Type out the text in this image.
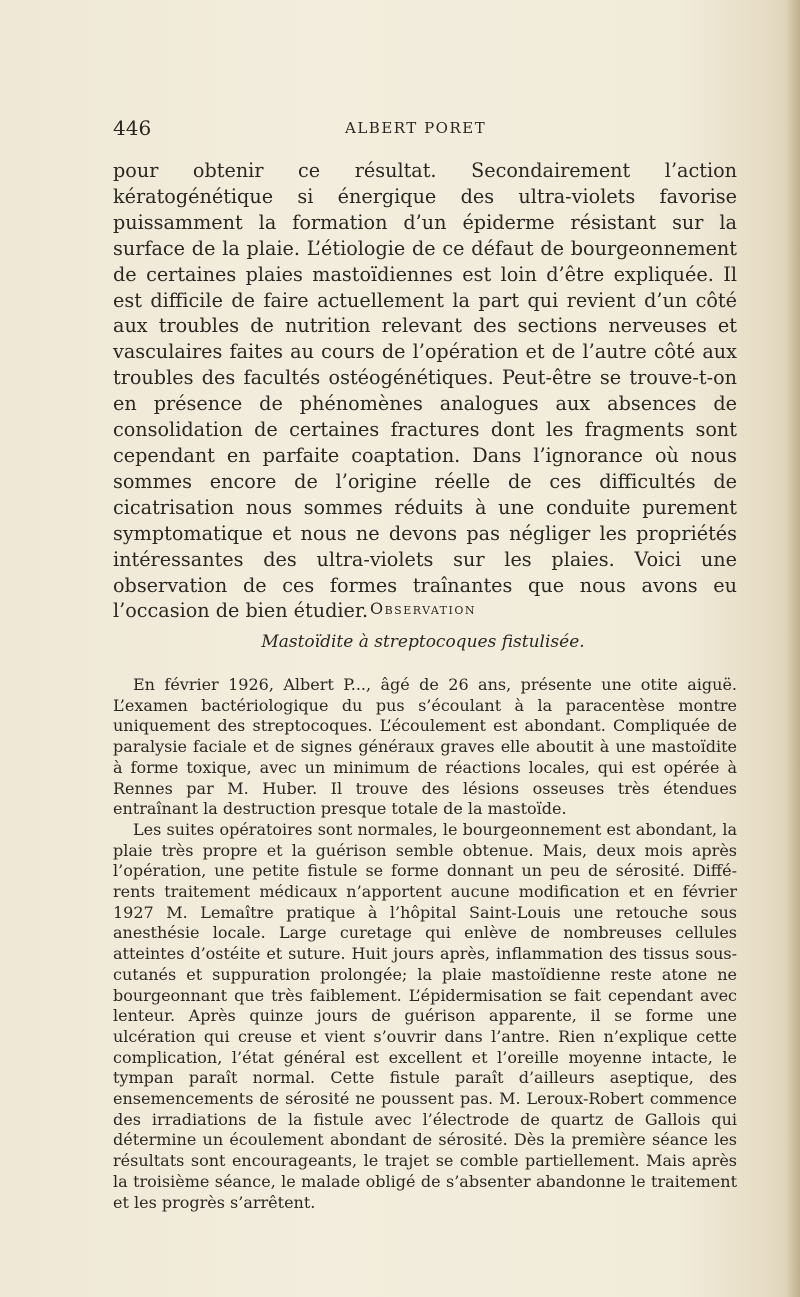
446	ALBERT PORET

pour obtenir ce résultat. Secondairement l’action kératogénétique si énergique des ultra-violets favorise puissamment la formation d’un épiderme résistant sur la surface de la plaie. L’étiologie de ce défaut de bourgeonnement de certaines plaies mastoïdiennes est loin d’être expliquée. Il est difficile de faire actuellement la part qui revient d’un côté aux troubles de nutrition relevant des sections nerveuses et vasculaires faites au cours de l’opération et de l’autre côté aux troubles des facultés ostéogénétiques. Peut-être se trouve-t-on en présence de phénomènes analogues aux absences de consolidation de certaines fractures dont les fragments sont cependant en parfaite coaptation. Dans l’ignorance où nous sommes encore de l’origine réelle de ces difficultés de cicatrisation nous sommes réduits à une conduite purement symptomatique et nous ne devons pas négliger les propriétés intéressantes des ultra-violets sur les plaies. Voici une observation de ces formes traînantes que nous avons eu l’occasion de bien étudier. Observation
Mastoïdite à streptocoques fistulisée.

En février 1926, Albert P..., âgé de 26 ans, présente une otite aiguë. L’examen bactériologique du pus s’écoulant à la paracentèse montre uniquement des streptocoques. L’écoulement est abondant. Compliquée de paralysie faciale et de signes généraux graves elle aboutit à une mastoïdite à forme toxique, avec un minimum de réactions locales, qui est opérée à Rennes par M. Huber. Il trouve des lésions osseuses très étendues entraînant la destruction presque totale de la mastoïde.

Les suites opératoires sont normales, le bourgeonnement est abondant, la plaie très propre et la guérison semble obtenue. Mais, deux mois après l’opération, une petite fistule se forme donnant un peu de sérosité. Différents traitement médicaux n’apportent aucune modification et en février 1927 M. Lemaître pratique à l’hôpital Saint-Louis une retouche sous anesthésie locale. Large curetage qui enlève de nombreuses cellules atteintes d’ostéite et suture. Huit jours après, inflammation des tissus sous-cutanés et suppuration prolongée; la plaie mastoïdienne reste atone ne bourgeonnant que très faiblement. L’épidermisation se fait cependant avec lenteur. Après quinze jours de guérison apparente, il se forme une ulcération qui creuse et vient s’ouvrir dans l’antre. Rien n’explique cette complication, l’état général est excellent et l’oreille moyenne intacte, le tympan paraît normal. Cette fistule paraît d’ailleurs aseptique, des ensemencements de sérosité ne poussent pas. M. Leroux-Robert commence des irradiations de la fistule avec l’électrode de quartz de Gallois qui détermine un écoulement abondant de sérosité. Dès la première séance les résultats sont encourageants, le trajet se comble partiellement. Mais après la troisième séance, le malade obligé de s’absenter abandonne le traitement et les progrès s’arrêtent.
